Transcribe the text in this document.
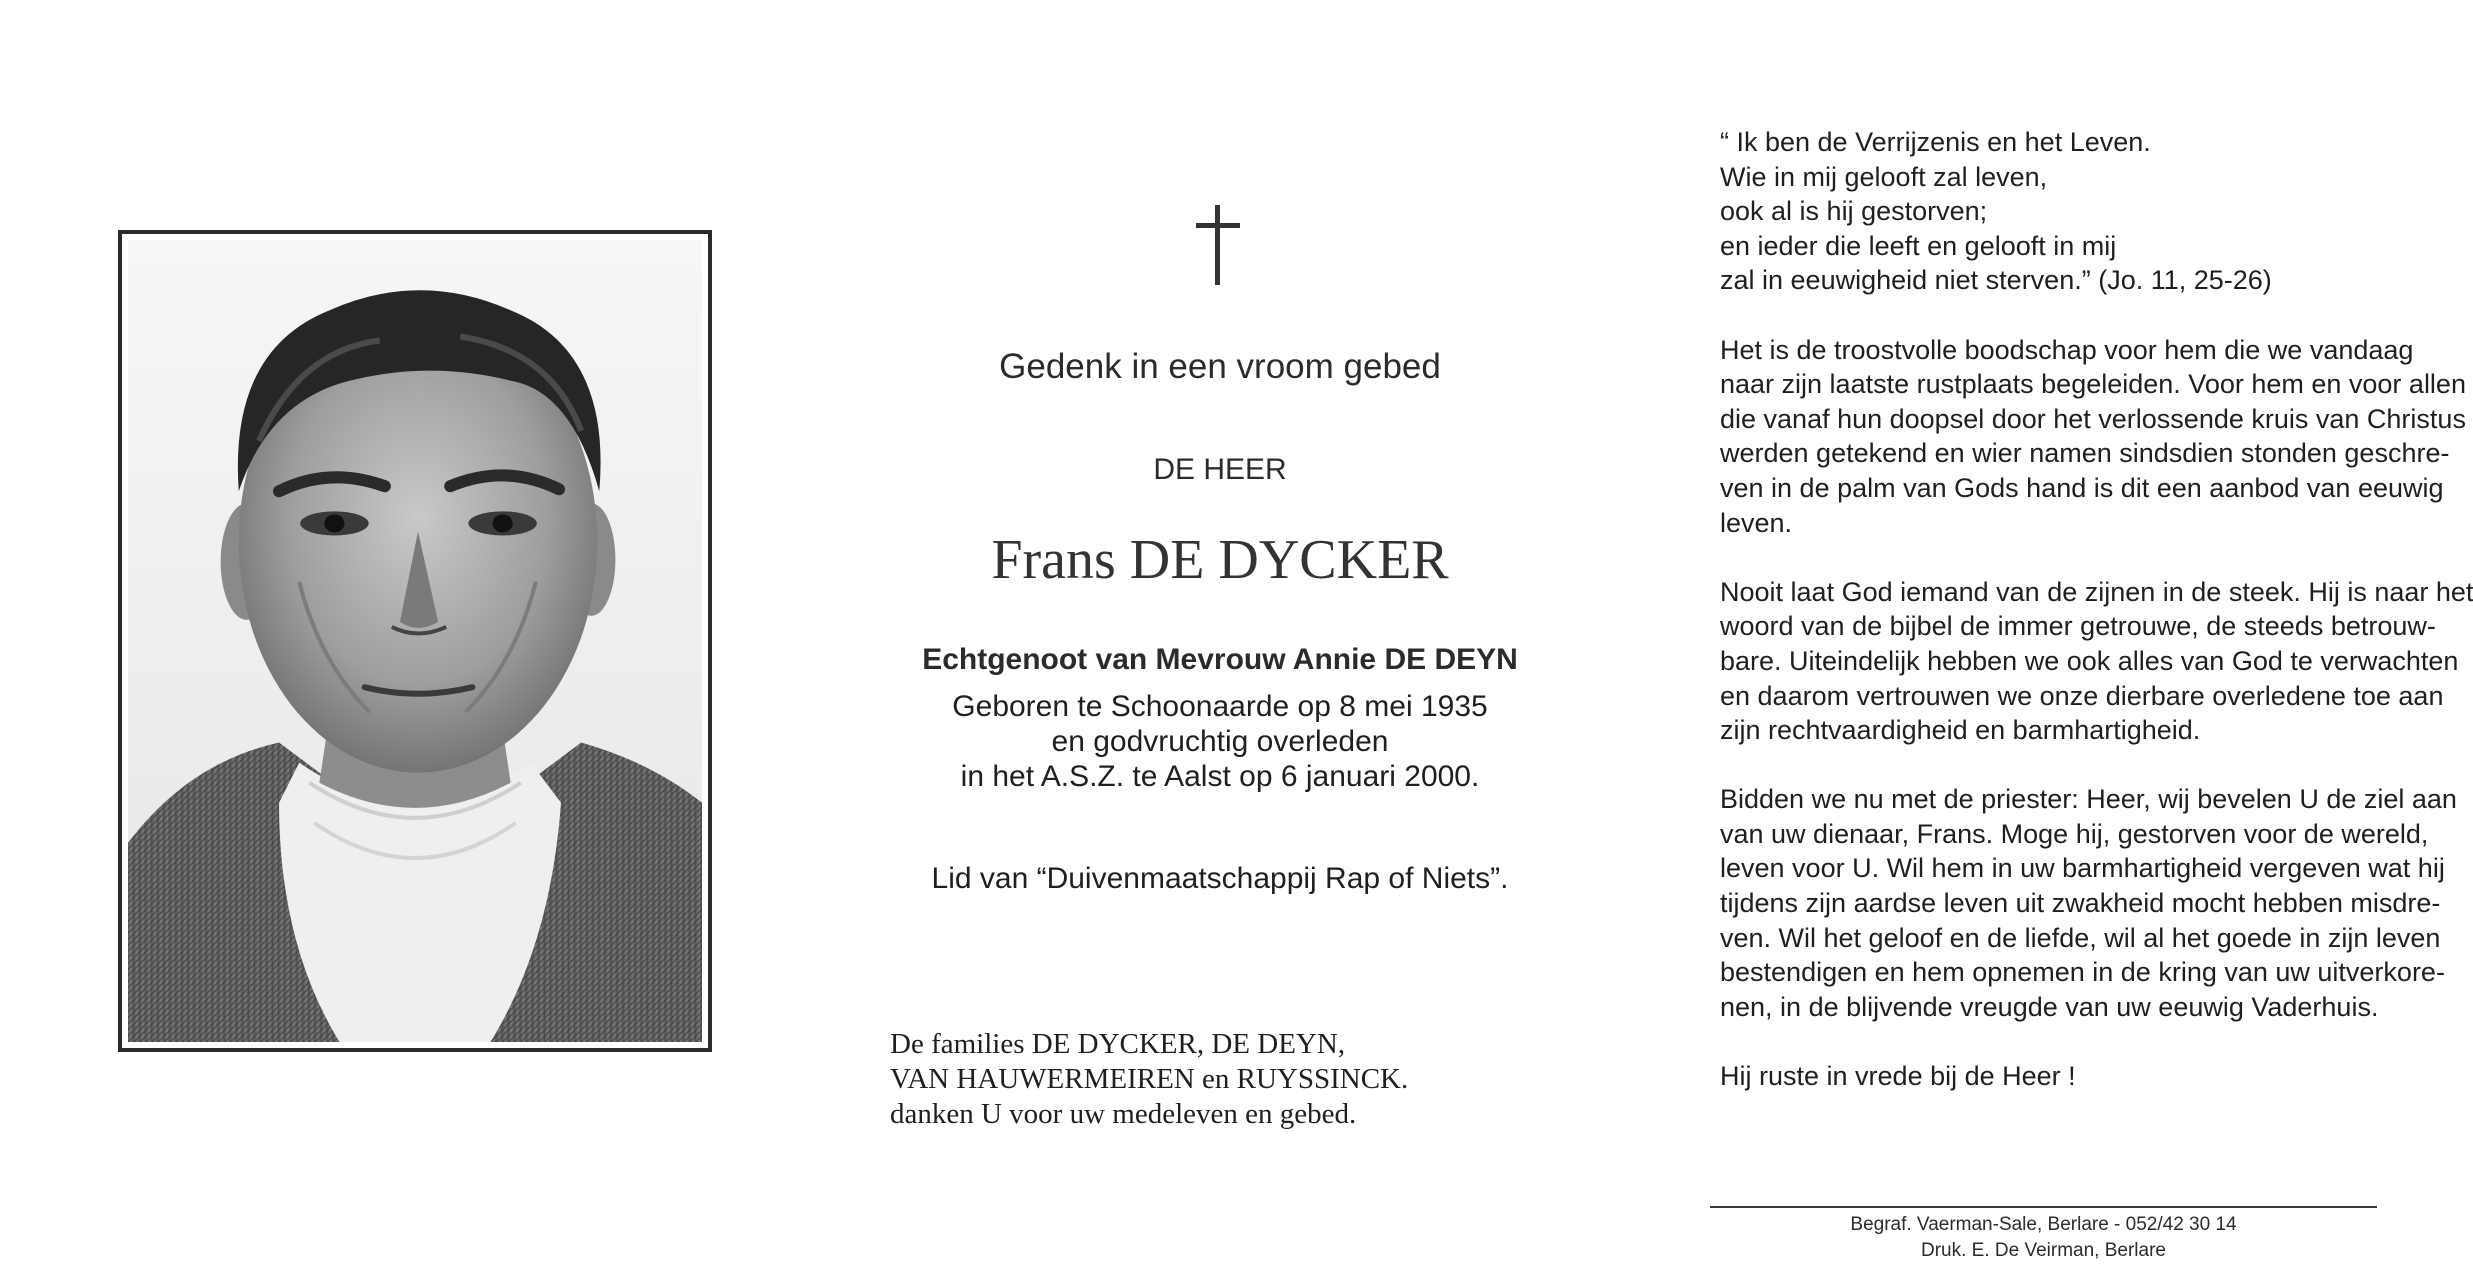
Gedenk in een vroom gebed
DE HEER
Frans DE DYCKER
Echtgenoot van Mevrouw Annie DE DEYN
Geboren te Schoonaarde op 8 mei 1935
en godvruchtig overleden
in het A.S.Z. te Aalst op 6 januari 2000.
Lid van “Duivenmaatschappij Rap of Niets”.
De families DE DYCKER, DE DEYN,
VAN HAUWERMEIREN en RUYSSINCK.
danken U voor uw medeleven en gebed.
“ Ik ben de Verrijzenis en het Leven.
Wie in mij gelooft zal leven,
ook al is hij gestorven;
en ieder die leeft en gelooft in mij
zal in eeuwigheid niet sterven.” (Jo. 11, 25-26)
Het is de troostvolle boodschap voor hem die we vandaag
naar zijn laatste rustplaats begeleiden. Voor hem en voor allen
die vanaf hun doopsel door het verlossende kruis van Christus
werden getekend en wier namen sindsdien stonden geschre-
ven in de palm van Gods hand is dit een aanbod van eeuwig
leven.
Nooit laat God iemand van de zijnen in de steek. Hij is naar het
woord van de bijbel de immer getrouwe, de steeds betrouw-
bare. Uiteindelijk hebben we ook alles van God te verwachten
en daarom vertrouwen we onze dierbare overledene toe aan
zijn rechtvaardigheid en barmhartigheid.
Bidden we nu met de priester: Heer, wij bevelen U de ziel aan
van uw dienaar, Frans. Moge hij, gestorven voor de wereld,
leven voor U. Wil hem in uw barmhartigheid vergeven wat hij
tijdens zijn aardse leven uit zwakheid mocht hebben misdre-
ven. Wil het geloof en de liefde, wil al het goede in zijn leven
bestendigen en hem opnemen in de kring van uw uitverkore-
nen, in de blijvende vreugde van uw eeuwig Vaderhuis.
Hij ruste in vrede bij de Heer !
Begraf. Vaerman-Sale, Berlare - 052/42 30 14
Druk. E. De Veirman, Berlare
